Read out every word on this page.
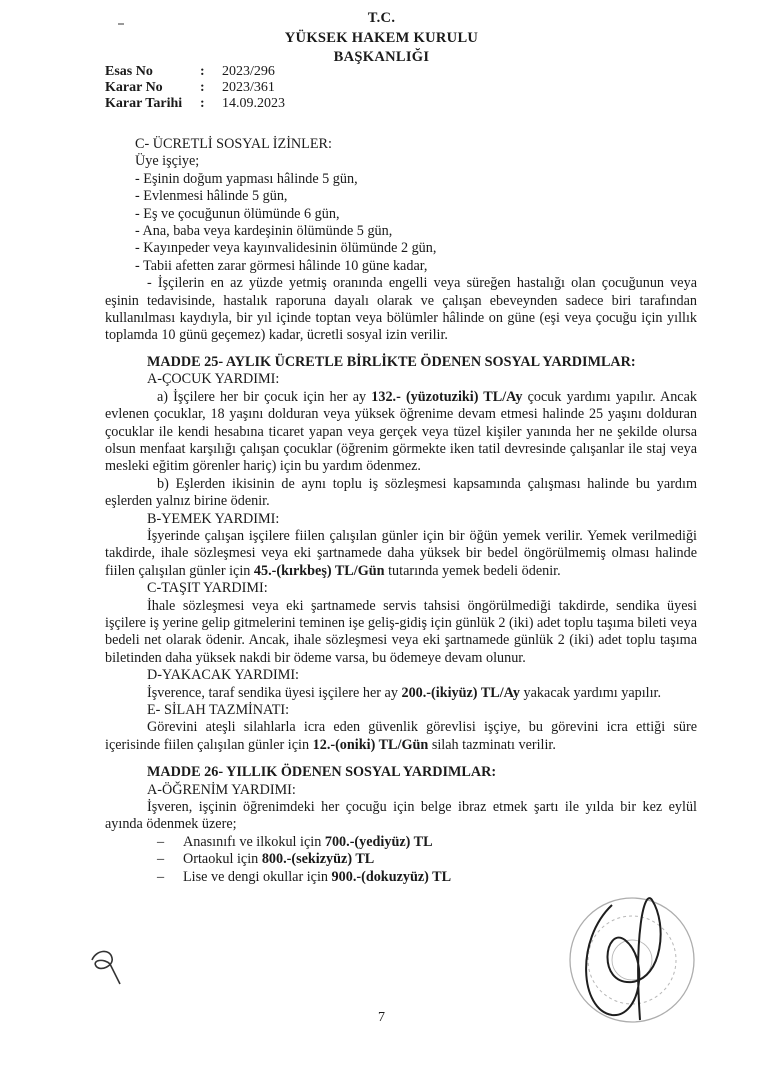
T.C.
YÜKSEK HAKEM KURULU
BAŞKANLIĞI
Esas No	: 2023/296
Karar No	: 2023/361
Karar Tarihi : 14.09.2023

C- ÜCRETLİ SOSYAL İZİNLER:

Üye işçiye;

- Eşinin doğum yapması hâlinde 5 gün,

- Evlenmesi hâlinde 5 gün,

- Eş ve çocuğunun ölümünde 6 gün,

- Ana, baba veya kardeşinin ölümünde 5 gün,

- Kayınpeder veya kayınvalidesinin ölümünde 2 gün,

- Tabii afetten zarar görmesi hâlinde 10 güne kadar,

- İşçilerin en az yüzde yetmiş oranında engelli veya süreğen hastalığı olan çocuğunun veya eşinin tedavisinde, hastalık raporuna dayalı olarak ve çalışan ebeveynden sadece biri tarafından kullanılması kaydıyla, bir yıl içinde toptan veya bölümler hâlinde on güne (eşi veya çocuğu için yıllık toplamda 10 günü geçemez) kadar, ücretli sosyal izin verilir.

MADDE 25- AYLIK ÜCRETLE BİRLİKTE ÖDENEN SOSYAL YARDIMLAR:

A-ÇOCUK YARDIMI:

a) İşçilere her bir çocuk için her ay 132.- (yüzotuziki) TL/Ay çocuk yardımı yapılır. Ancak evlenen çocuklar, 18 yaşını dolduran veya yüksek öğrenime devam etmesi halinde 25 yaşını dolduran çocuklar ile kendi hesabına ticaret yapan veya gerçek veya tüzel kişiler yanında her ne şekilde olursa olsun menfaat karşılığı çalışan çocuklar (öğrenim görmekte iken tatil devresinde çalışanlar ile staj veya mesleki eğitim görenler hariç) için bu yardım ödenmez.

b) Eşlerden ikisinin de aynı toplu iş sözleşmesi kapsamında çalışması halinde bu yardım eşlerden yalnız birine ödenir.

B-YEMEK YARDIMI:

İşyerinde çalışan işçilere fiilen çalışılan günler için bir öğün yemek verilir. Yemek verilmediği takdirde, ihale sözleşmesi veya eki şartnamede daha yüksek bir bedel öngörülmemiş olması halinde fiilen çalışılan günler için 45.-(kırkbeş) TL/Gün tutarında yemek bedeli ödenir.

C-TAŞIT YARDIMI:

İhale sözleşmesi veya eki şartnamede servis tahsisi öngörülmediği takdirde, sendika üyesi işçilere iş yerine gelip gitmelerini teminen işe geliş-gidiş için günlük 2 (iki) adet toplu taşıma bileti veya bedeli net olarak ödenir. Ancak, ihale sözleşmesi veya eki şartnamede günlük 2 (iki) adet toplu taşıma biletinden daha yüksek nakdi bir ödeme varsa, bu ödemeye devam olunur.

D-YAKACAK YARDIMI:

İşverence, taraf sendika üyesi işçilere her ay 200.-(ikiyüz) TL/Ay yakacak yardımı yapılır.

E- SİLAH TAZMİNATI:

Görevini ateşli silahlarla icra eden güvenlik görevlisi işçiye, bu görevini icra ettiği süre içerisinde fiilen çalışılan günler için 12.-(oniki) TL/Gün silah tazminatı verilir.

MADDE 26- YILLIK ÖDENEN SOSYAL YARDIMLAR:

A-ÖĞRENİM YARDIMI:

İşveren, işçinin öğrenimdeki her çocuğu için belge ibraz etmek şartı ile yılda bir kez eylül ayında ödenmek üzere;

– Anasınıfı ve ilkokul için 700.-(yediyüz) TL
– Ortaokul için 800.-(sekizyüz) TL
– Lise ve dengi okullar için 900.-(dokuzyüz) TL
7
